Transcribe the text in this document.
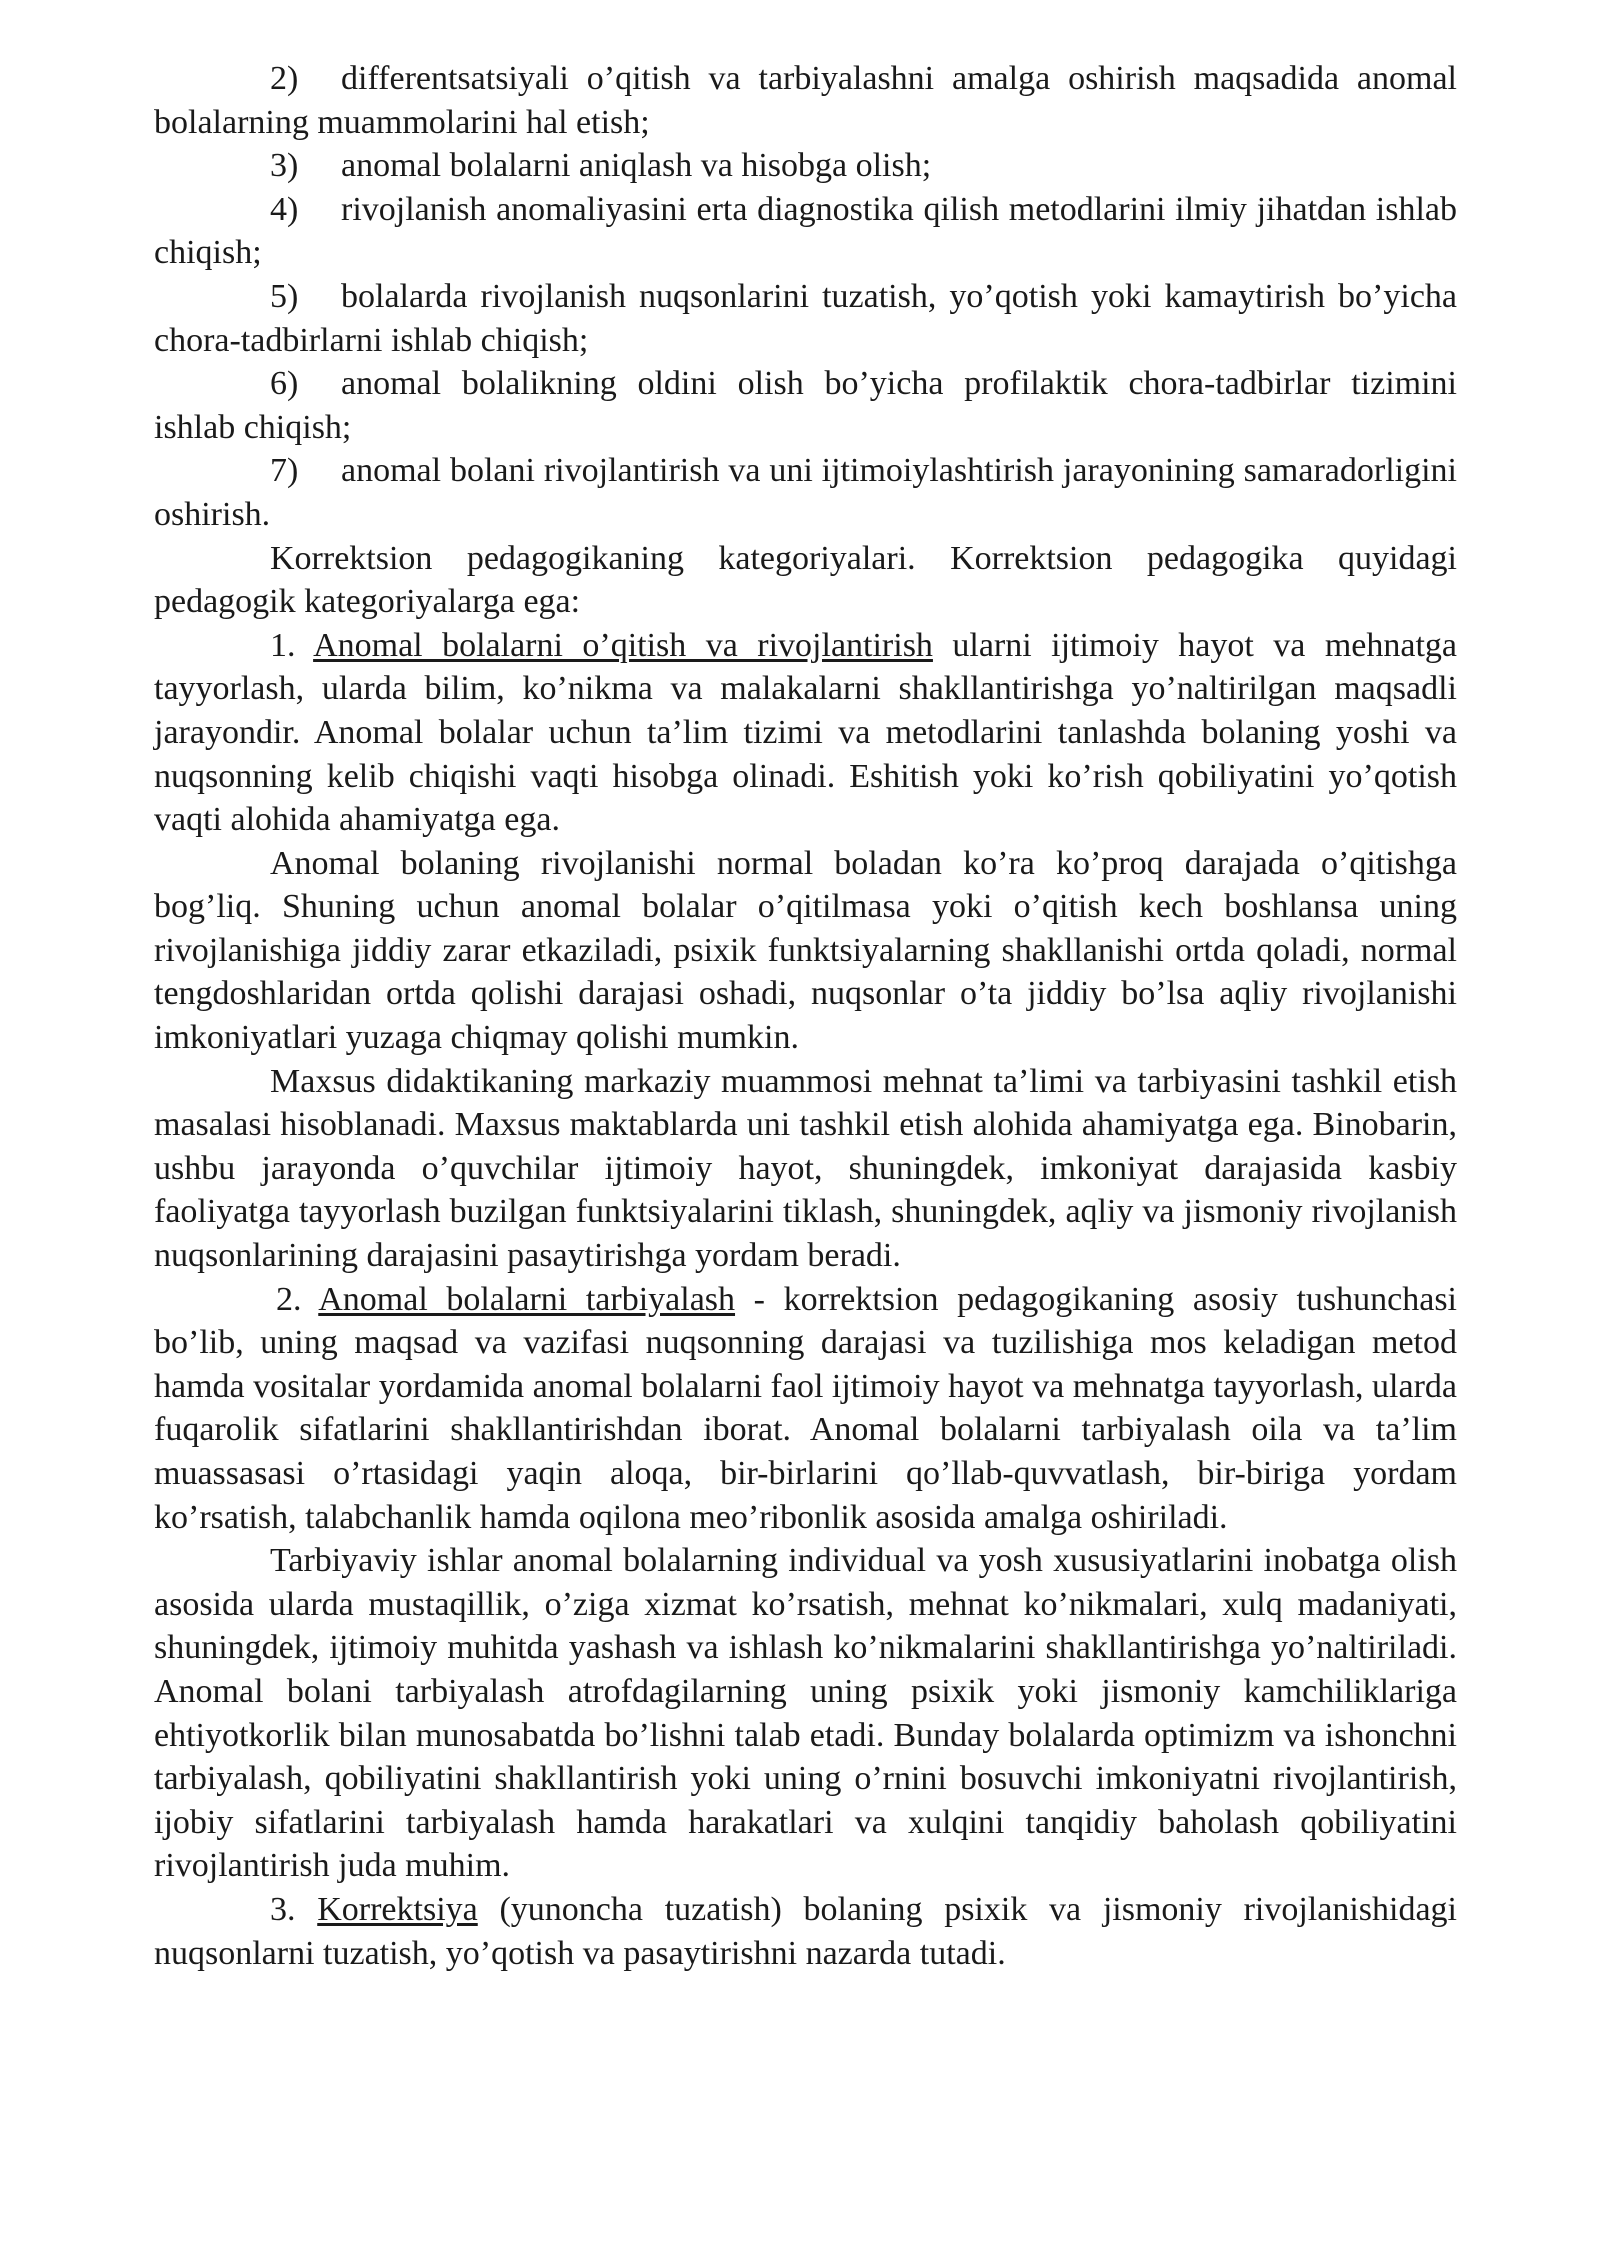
2) differentsatsiyali o’qitish va tarbiyalashni amalga oshirish maqsadida anomal bolalarning muammolarini hal etish;

3) anomal bolalarni aniqlash va hisobga olish;

4) rivojlanish anomaliyasini erta diagnostika qilish metodlarini ilmiy jihatdan ishlab chiqish;

5) bolalarda rivojlanish nuqsonlarini tuzatish, yo’qotish yoki kamaytirish bo’yicha chora-tadbirlarni ishlab chiqish;

6) anomal bolalikning oldini olish bo’yicha profilaktik chora-tadbirlar tizimini ishlab chiqish;

7) anomal bolani rivojlantirish va uni ijtimoiylashtirish jarayonining samaradorligini oshirish.

Korrektsion pedagogikaning kategoriyalari. Korrektsion pedagogika quyidagi pedagogik kategoriyalarga ega:

1. Anomal bolalarni o’qitish va rivojlantirish ularni ijtimoiy hayot va mehnatga tayyorlash, ularda bilim, ko’nikma va malakalarni shakllantirishga yo’naltirilgan maqsadli jarayondir. Anomal bolalar uchun ta’lim tizimi va metodlarini tanlashda bolaning yoshi va nuqsonning kelib chiqishi vaqti hisobga olinadi. Eshitish yoki ko’rish qobiliyatini yo’qotish vaqti alohida ahamiyatga ega.

Anomal bolaning rivojlanishi normal boladan ko’ra ko’proq darajada o’qitishga bog’liq. Shuning uchun anomal bolalar o’qitilmasa yoki o’qitish kech boshlansa uning rivojlanishiga jiddiy zarar etkaziladi, psixik funktsiyalarning shakllanishi ortda qoladi, normal tengdoshlaridan ortda qolishi darajasi oshadi, nuqsonlar o’ta jiddiy bo’lsa aqliy rivojlanishi imkoniyatlari yuzaga chiqmay qolishi mumkin.

Maxsus didaktikaning markaziy muammosi mehnat ta’limi va tarbiyasini tashkil etish masalasi hisoblanadi. Maxsus maktablarda uni tashkil etish alohida ahamiyatga ega. Binobarin, ushbu jarayonda o’quvchilar ijtimoiy hayot, shuningdek, imkoniyat darajasida kasbiy faoliyatga tayyorlash buzilgan funktsiyalarini tiklash, shuningdek, aqliy va jismoniy rivojlanish nuqsonlarining darajasini pasaytirishga yordam beradi.

2. Anomal bolalarni tarbiyalash - korrektsion pedagogikaning asosiy tushunchasi bo’lib, uning maqsad va vazifasi nuqsonning darajasi va tuzilishiga mos keladigan metod hamda vositalar yordamida anomal bolalarni faol ijtimoiy hayot va mehnatga tayyorlash, ularda fuqarolik sifatlarini shakllantirishdan iborat. Anomal bolalarni tarbiyalash oila va ta’lim muassasasi o’rtasidagi yaqin aloqa, bir-birlarini qo’llab-quvvatlash, bir-biriga yordam ko’rsatish, talabchanlik hamda oqilona meo’ribonlik asosida amalga oshiriladi.

Tarbiyaviy ishlar anomal bolalarning individual va yosh xususiyatlarini inobatga olish asosida ularda mustaqillik, o’ziga xizmat ko’rsatish, mehnat ko’nikmalari, xulq madaniyati, shuningdek, ijtimoiy muhitda yashash va ishlash ko’nikmalarini shakllantirishga yo’naltiriladi. Anomal bolani tarbiyalash atrofdagilarning uning psixik yoki jismoniy kamchiliklariga ehtiyotkorlik bilan munosabatda bo’lishni talab etadi. Bunday bolalarda optimizm va ishonchni tarbiyalash, qobiliyatini shakllantirish yoki uning o’rnini bosuvchi imkoniyatni rivojlantirish, ijobiy sifatlarini tarbiyalash hamda harakatlari va xulqini tanqidiy baholash qobiliyatini rivojlantirish juda muhim.

3. Korrektsiya (yunoncha tuzatish) bolaning psixik va jismoniy rivojlanishidagi nuqsonlarni tuzatish, yo’qotish va pasaytirishni nazarda tutadi.
